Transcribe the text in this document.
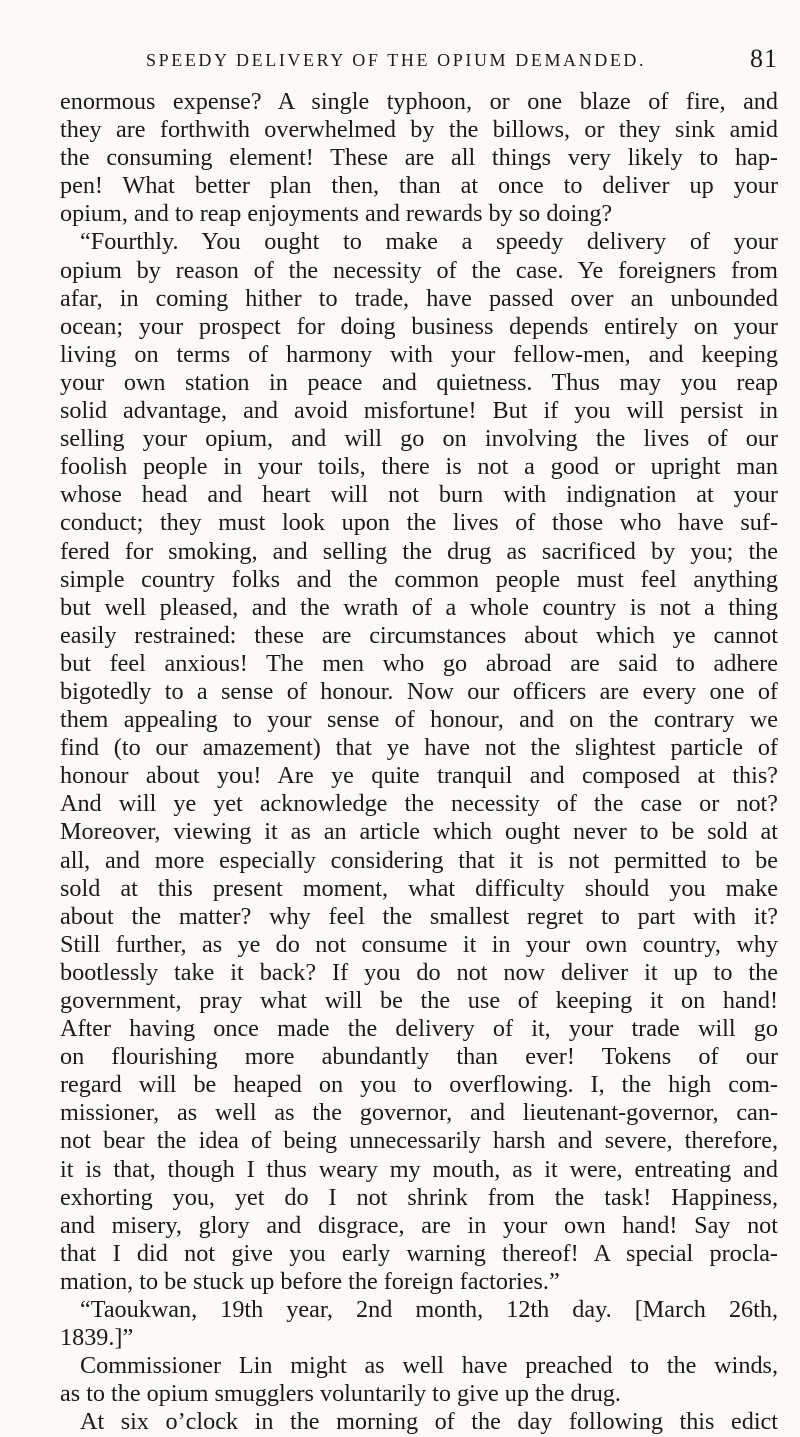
SPEEDY DELIVERY OF THE OPIUM DEMANDED.	81
enormous expense? A single typhoon, or one blaze of fire, and
they are forthwith overwhelmed by the billows, or they sink amid
the consuming element! These are all things very likely to hap-
pen! What better plan then, than at once to deliver up your
opium, and to reap enjoyments and rewards by so doing?
“Fourthly. You ought to make a speedy delivery of your
opium by reason of the necessity of the case. Ye foreigners from
afar, in coming hither to trade, have passed over an unbounded
ocean; your prospect for doing business depends entirely on your
living on terms of harmony with your fellow-men, and keeping
your own station in peace and quietness. Thus may you reap
solid advantage, and avoid misfortune! But if you will persist in
selling your opium, and will go on involving the lives of our
foolish people in your toils, there is not a good or upright man
whose head and heart will not burn with indignation at your
conduct; they must look upon the lives of those who have suf-
fered for smoking, and selling the drug as sacrificed by you; the
simple country folks and the common people must feel anything
but well pleased, and the wrath of a whole country is not a thing
easily restrained: these are circumstances about which ye cannot
but feel anxious! The men who go abroad are said to adhere
bigotedly to a sense of honour. Now our officers are every one of
them appealing to your sense of honour, and on the contrary we
find (to our amazement) that ye have not the slightest particle of
honour about you! Are ye quite tranquil and composed at this?
And will ye yet acknowledge the necessity of the case or not?
Moreover, viewing it as an article which ought never to be sold at
all, and more especially considering that it is not permitted to be
sold at this present moment, what difficulty should you make
about the matter? why feel the smallest regret to part with it?
Still further, as ye do not consume it in your own country, why
bootlessly take it back? If you do not now deliver it up to the
government, pray what will be the use of keeping it on hand!
After having once made the delivery of it, your trade will go
on flourishing more abundantly than ever! Tokens of our
regard will be heaped on you to overflowing. I, the high com-
missioner, as well as the governor, and lieutenant-governor, can-
not bear the idea of being unnecessarily harsh and severe, therefore,
it is that, though I thus weary my mouth, as it were, entreating and
exhorting you, yet do I not shrink from the task! Happiness,
and misery, glory and disgrace, are in your own hand! Say not
that I did not give you early warning thereof! A special procla-
mation, to be stuck up before the foreign factories.”
“Taoukwan, 19th year, 2nd month, 12th day. [March 26th,
1839.]”
Commissioner Lin might as well have preached to the winds,
as to the opium smugglers voluntarily to give up the drug.
At six o’clock in the morning of the day following this edict
